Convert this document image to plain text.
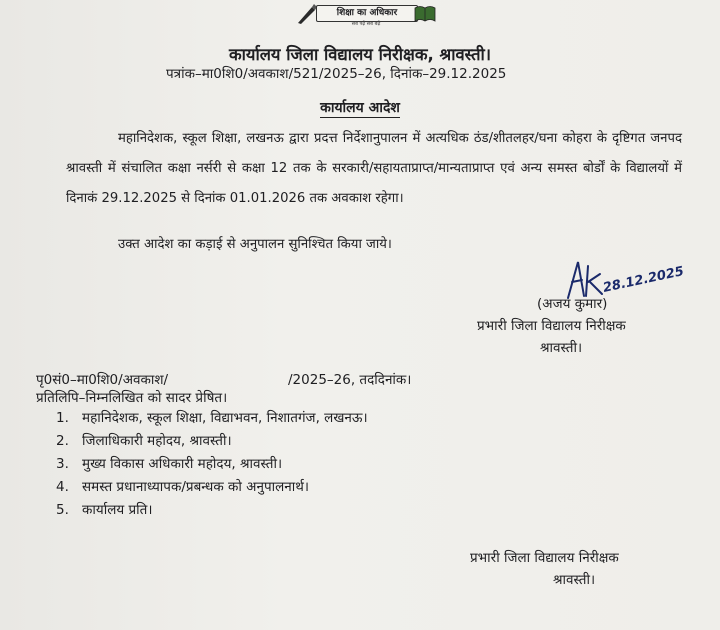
शिक्षा का अधिकार
सब पढ़ें सब बढ़ें
कार्यालय जिला विद्यालय निरीक्षक, श्रावस्ती।
पत्रांक–मा0शि0/अवकाश/521/2025–26, दिनांक–29.12.2025
कार्यालय आदेश
महानिदेशक, स्कूल शिक्षा, लखनऊ द्वारा प्रदत्त निर्देशानुपालन में अत्यधिक ठंड/शीतलहर/घना कोहरा के दृष्टिगत जनपद श्रावस्ती में संचालित कक्षा नर्सरी से कक्षा 12 तक के सरकारी/सहायताप्राप्त/मान्यताप्राप्त एवं अन्य समस्त बोर्डों के विद्यालयों में दिनाकं 29.12.2025 से दिनांक 01.01.2026 तक अवकाश रहेगा।
उक्त आदेश का कड़ाई से अनुपालन सुनिश्चित किया जाये।
28.12.2025
(अजय कुमार)
प्रभारी जिला विद्यालय निरीक्षक
श्रावस्ती।
पृ0सं0–मा0शि0/अवकाश/	/2025–26, तददिनांक।
प्रतिलिपि–निम्नलिखित को सादर प्रेषित।
1. महानिदेशक, स्कूल शिक्षा, विद्याभवन, निशातगंज, लखनऊ।
2. जिलाधिकारी महोदय, श्रावस्ती।
3. मुख्य विकास अधिकारी महोदय, श्रावस्ती।
4. समस्त प्रधानाध्यापक/प्रबन्धक को अनुपालनार्थ।
5. कार्यालय प्रति।
प्रभारी जिला विद्यालय निरीक्षक
श्रावस्ती।
